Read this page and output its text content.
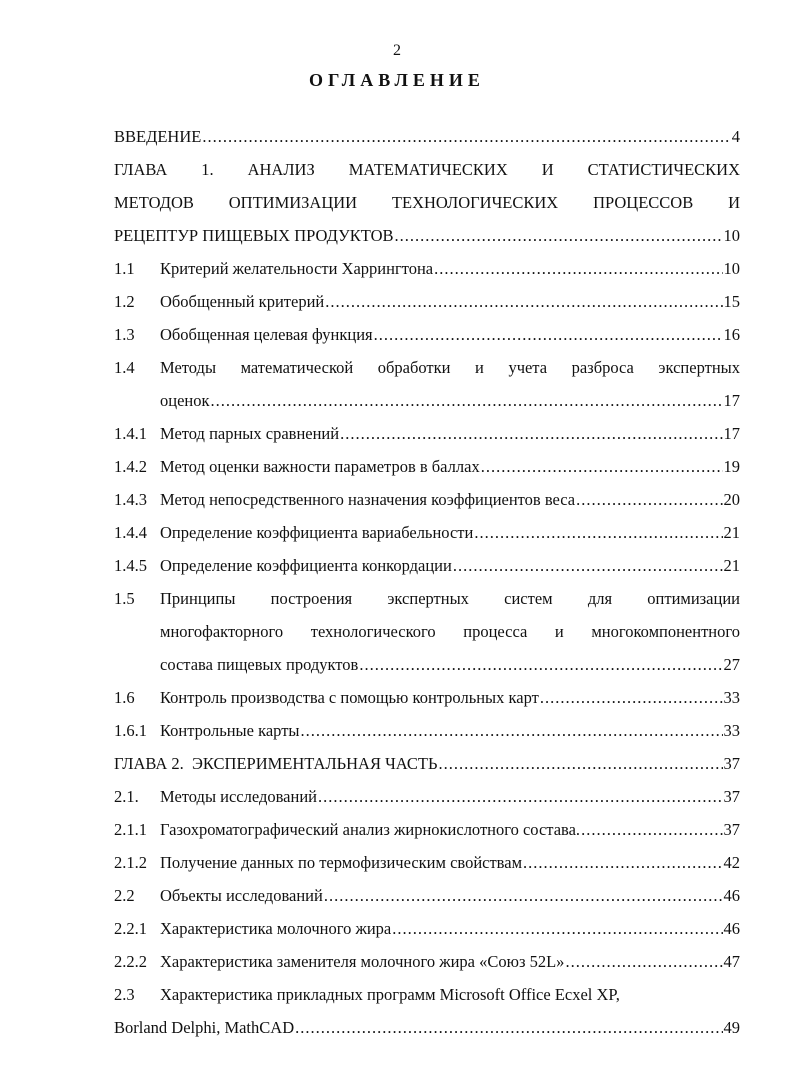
2
ОГЛАВЛЕНИЕ
ВВЕДЕНИЕ .....	4
ГЛАВА 1. АНАЛИЗ МАТЕМАТИЧЕСКИХ И СТАТИСТИЧЕСКИХ
МЕТОДОВ ОПТИМИЗАЦИИ ТЕХНОЛОГИЧЕСКИХ ПРОЦЕССОВ И
РЕЦЕПТУР ПИЩЕВЫХ ПРОДУКТОВ .....	10
1.1 Критерий желательности Харрингтона .....	10
1.2 Обобщенный критерий .....	15
1.3 Обобщенная целевая функция .....	16
1.4 Методы математической обработки и учета разброса экспертных
оценок .....	17
1.4.1 Метод парных сравнений .....	17
1.4.2 Метод оценки важности параметров в баллах .....	19
1.4.3 Метод непосредственного назначения коэффициентов веса .....	20
1.4.4 Определение коэффициента вариабельности .....	21
1.4.5 Определение коэффициента конкордации .....	21
1.5 Принципы построения экспертных систем для оптимизации
многофакторного технологического процесса и многокомпонентного
состава пищевых продуктов .....	27
1.6 Контроль производства с помощью контрольных карт .....	33
1.6.1 Контрольные карты .....	33
ГЛАВА 2.  ЭКСПЕРИМЕНТАЛЬНАЯ ЧАСТЬ .....	37
2.1. Методы исследований .....	37
2.1.1 Газохроматографический анализ жирнокислотного состава. .....	37
2.1.2 Получение данных по термофизическим свойствам .....	42
2.2 Объекты исследований .....	46
2.2.1 Характеристика молочного жира .....	46
2.2.2 Характеристика заменителя молочного жира «Союз 52L» .....	47
2.3 Характеристика прикладных программ Microsoft Office Ecxel XP,
Borland Delphi, MathCAD .....	49
